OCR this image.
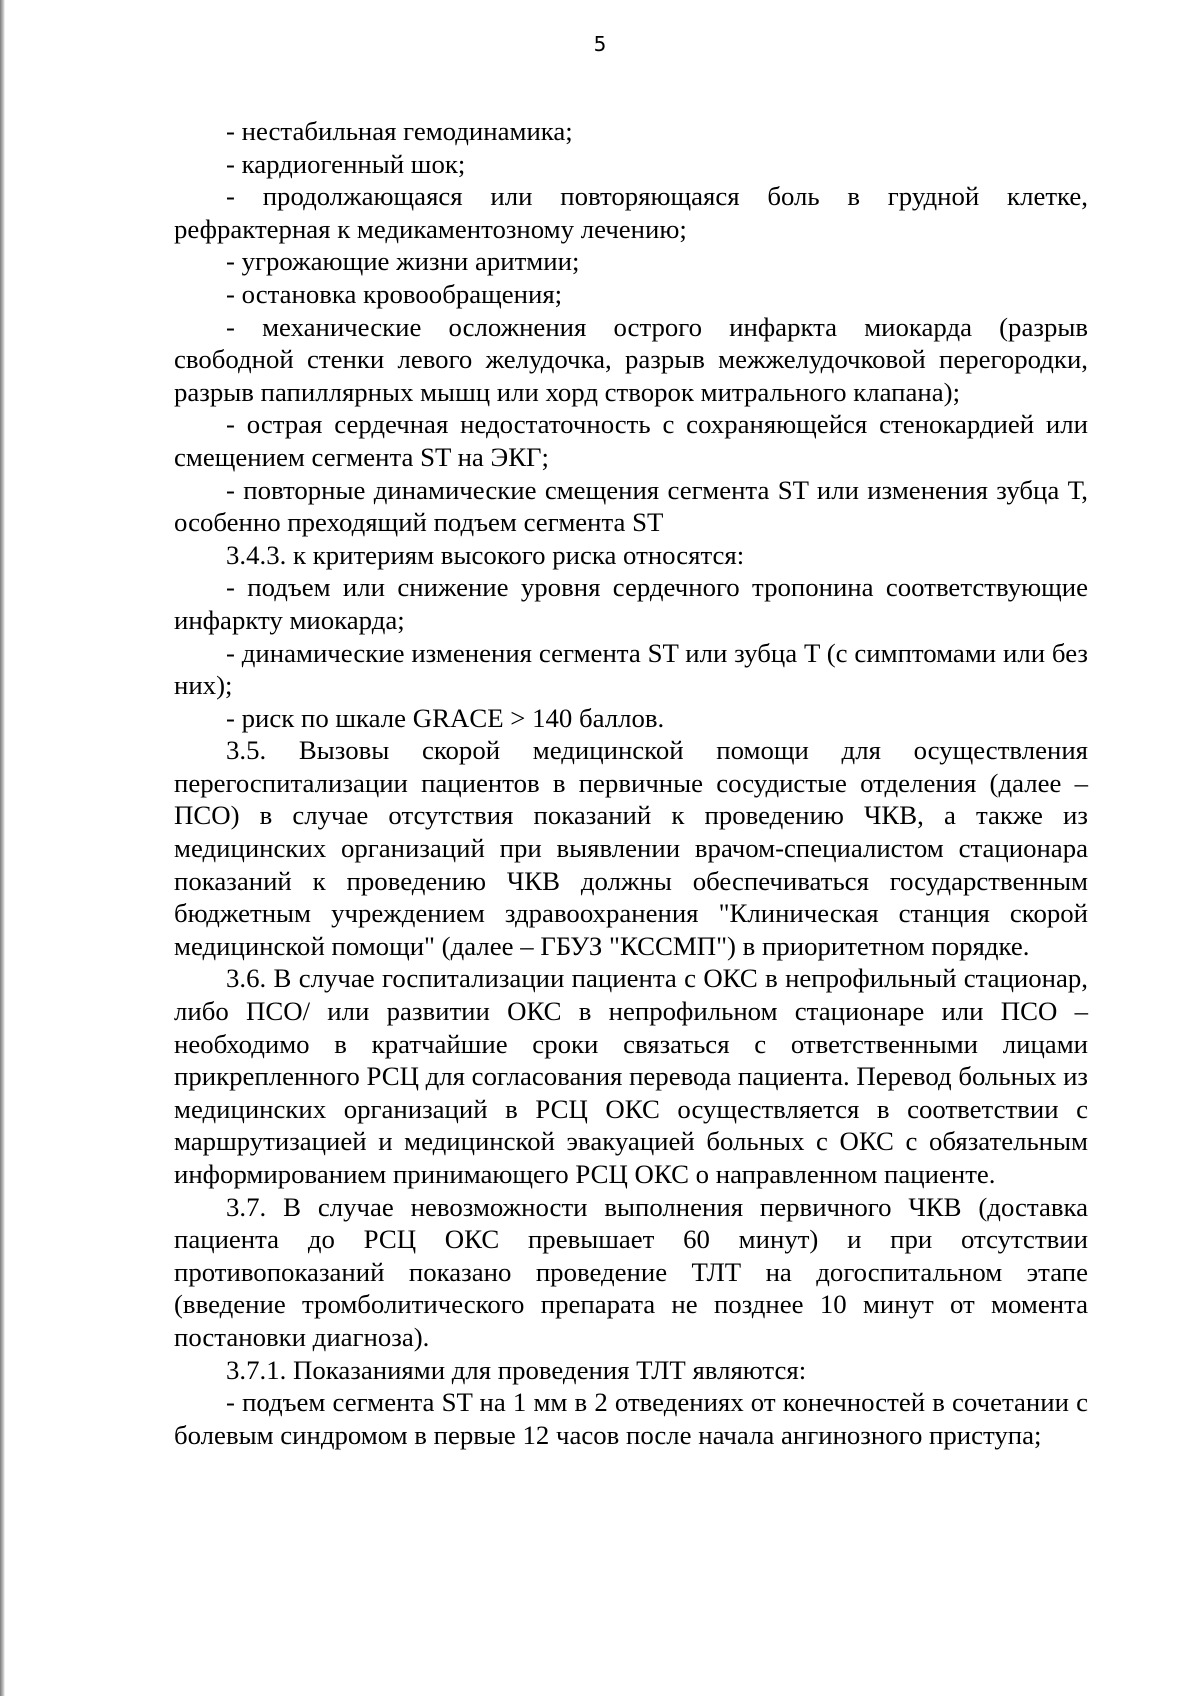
5

- нестабильная гемодинамика;

- кардиогенный шок;

- продолжающаяся или повторяющаяся боль в грудной клетке, рефрактерная к медикаментозному лечению;

- угрожающие жизни аритмии;

- остановка кровообращения;

- механические осложнения острого инфаркта миокарда (разрыв свободной стенки левого желудочка, разрыв межжелудочковой перегородки, разрыв папиллярных мышц или хорд створок митрального клапана);

- острая сердечная недостаточность с сохраняющейся стенокардией или смещением сегмента ST на ЭКГ;

- повторные динамические смещения сегмента ST или изменения зубца Т, особенно преходящий подъем сегмента ST

3.4.3. к критериям высокого риска относятся:

- подъем или снижение уровня сердечного тропонина соответствующие инфаркту миокарда;

- динамические изменения сегмента ST или зубца T (с симптомами или без них);

- риск по шкале GRACE > 140 баллов.

3.5. Вызовы скорой медицинской помощи для осуществления перегоспитализации пациентов в первичные сосудистые отделения (далее – ПСО) в случае отсутствия показаний к проведению ЧКВ, а также из медицинских организаций при выявлении врачом-специалистом стационара показаний к проведению ЧКВ должны обеспечиваться государственным бюджетным учреждением здравоохранения "Клиническая станция скорой медицинской помощи" (далее – ГБУЗ "КССМП") в приоритетном порядке.

3.6. В случае госпитализации пациента с ОКС в непрофильный стационар, либо ПСО/ или развитии ОКС в непрофильном стационаре или ПСО – необходимо в кратчайшие сроки связаться с ответственными лицами прикрепленного РСЦ для согласования перевода пациента. Перевод больных из медицинских организаций в РСЦ ОКС осуществляется в соответствии с маршрутизацией и медицинской эвакуацией больных с ОКС с обязательным информированием принимающего РСЦ ОКС о направленном пациенте.

3.7. В случае невозможности выполнения первичного ЧКВ (доставка пациента до РСЦ ОКС превышает 60 минут) и при отсутствии противопоказаний показано проведение ТЛТ на догоспитальном этапе (введение тромболитического препарата не позднее 10 минут от момента постановки диагноза).

3.7.1. Показаниями для проведения ТЛТ являются:

- подъем сегмента ST на 1 мм в 2 отведениях от конечностей в сочетании с болевым синдромом в первые 12 часов после начала ангинозного приступа;
